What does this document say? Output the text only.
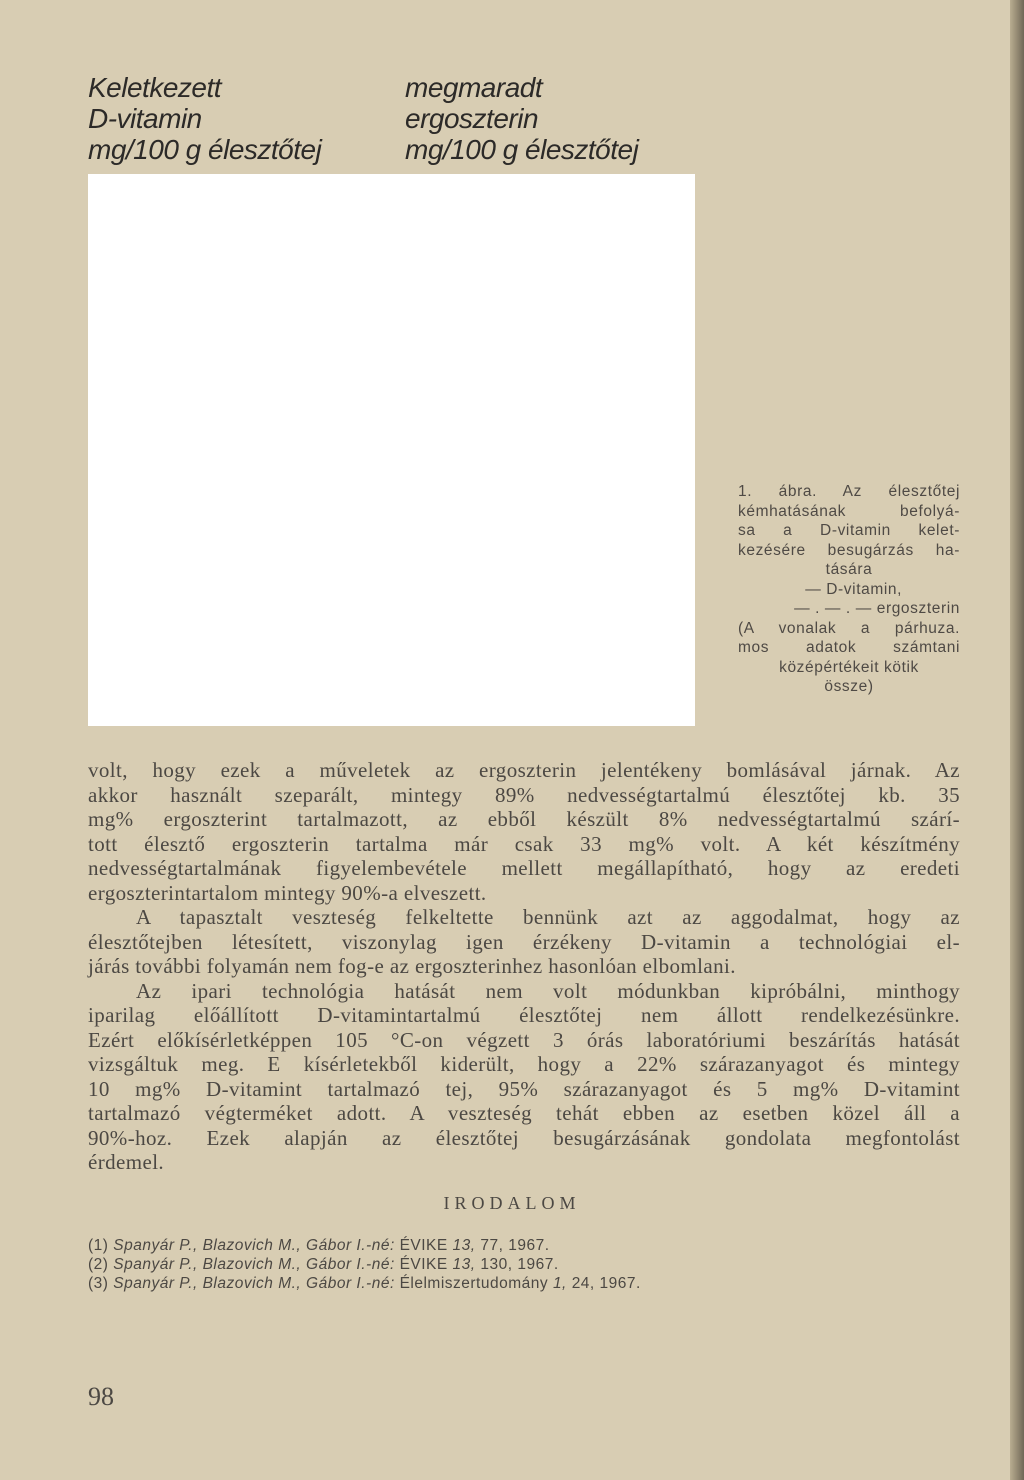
Keletkezett
D-vitamin
mg/100 g élesztőtej
megmaradt
ergoszterin
mg/100 g élesztőtej
1. ábra. Az élesztőtej
kémhatásának befolyá-
sa a D-vitamin kelet-
kezésére besugárzás ha-
tására
— D-vitamin,
— . — . — ergoszterin
(A vonalak a párhuza.
mos adatok számtani
középértékeit kötik
össze)
volt, hogy ezek a műveletek az ergoszterin jelentékeny bomlásával járnak. Az
akkor használt szeparált, mintegy 89% nedvességtartalmú élesztőtej kb. 35
mg% ergoszterint tartalmazott, az ebből készült 8% nedvességtartalmú szárí-
tott élesztő ergoszterin tartalma már csak 33 mg% volt. A két készítmény
nedvességtartalmának figyelembevétele mellett megállapítható, hogy az eredeti
ergoszterintartalom mintegy 90%-a elveszett.
A tapasztalt veszteség felkeltette bennünk azt az aggodalmat, hogy az
élesztőtejben létesített, viszonylag igen érzékeny D-vitamin a technológiai el-
járás további folyamán nem fog-e az ergoszterinhez hasonlóan elbomlani.
Az ipari technológia hatását nem volt módunkban kipróbálni, minthogy
iparilag előállított D-vitamintartalmú élesztőtej nem állott rendelkezésünkre.
Ezért előkísérletképpen 105 °C-on végzett 3 órás laboratóriumi beszárítás hatását
vizsgáltuk meg. E kísérletekből kiderült, hogy a 22% szárazanyagot és mintegy
10 mg% D-vitamint tartalmazó tej, 95% szárazanyagot és 5 mg% D-vitamint
tartalmazó végterméket adott. A veszteség tehát ebben az esetben közel áll a
90%-hoz. Ezek alapján az élesztőtej besugárzásának gondolata megfontolást
érdemel.
IRODALOM
(1) Spanyár P., Blazovich M., Gábor I.-né: ÉVIKE 13, 77, 1967.
(2) Spanyár P., Blazovich M., Gábor I.-né: ÉVIKE 13, 130, 1967.
(3) Spanyár P., Blazovich M., Gábor I.-né: Élelmiszertudomány 1, 24, 1967.
98
